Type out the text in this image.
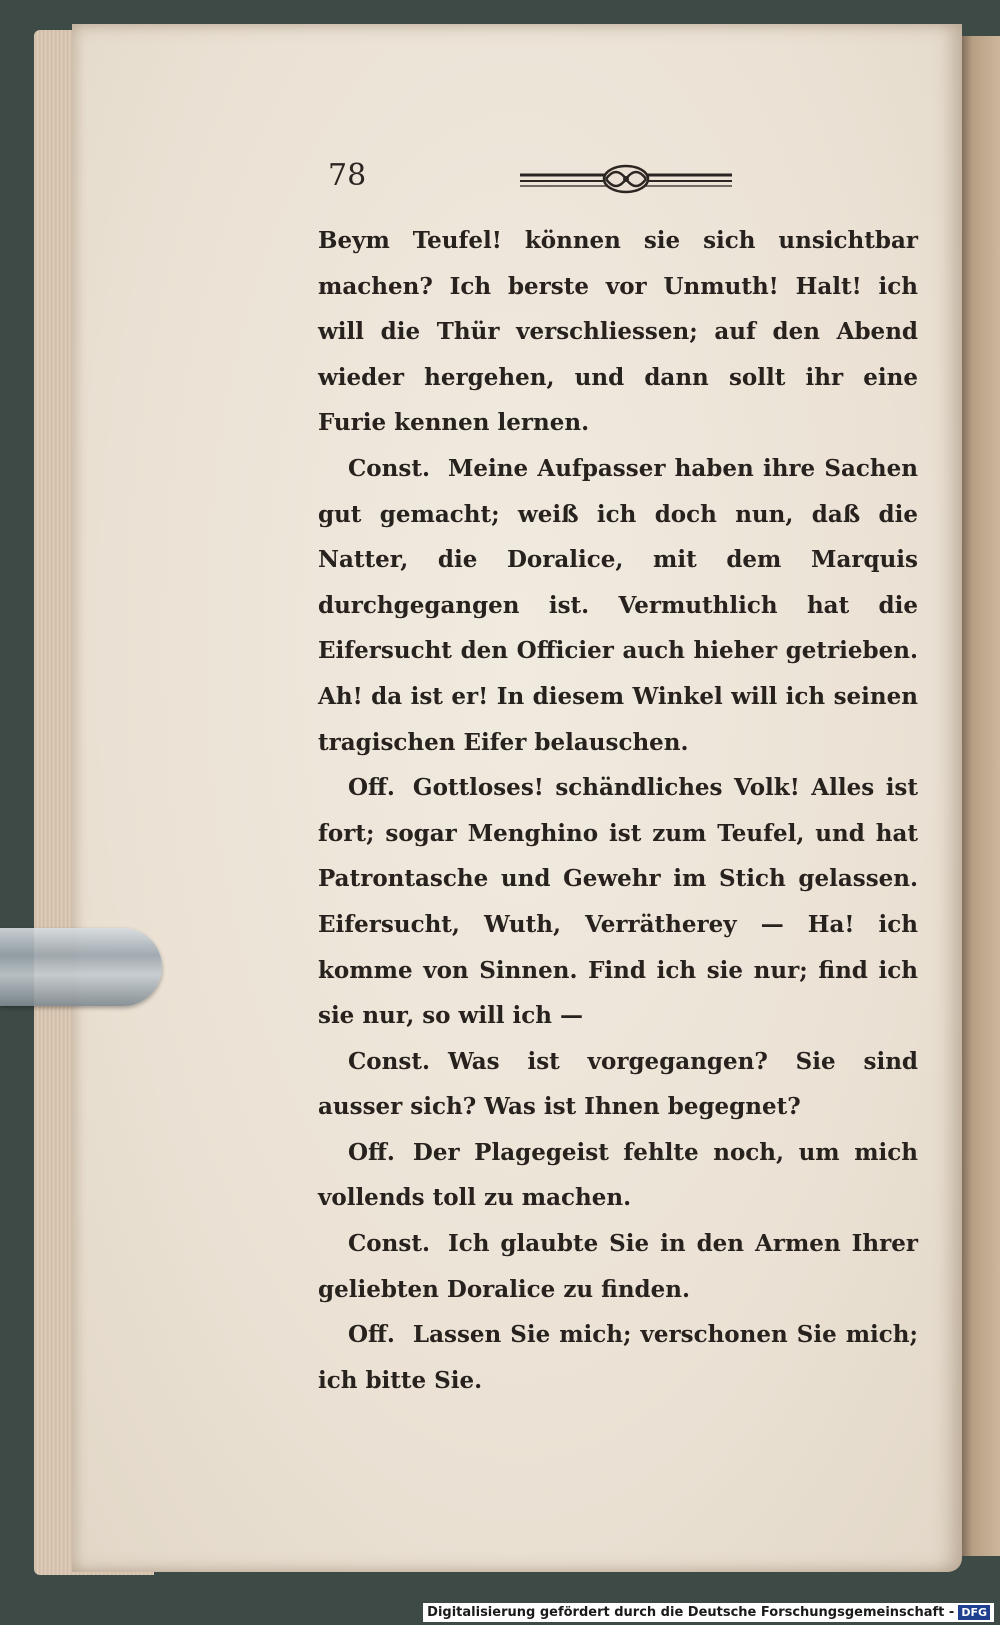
78

Beym Teufel! können sie sich unsichtbar machen? Ich berste vor Unmuth! Halt! ich will die Thür verschliessen; auf den Abend wieder hergehen, und dann sollt ihr eine Furie kennen lernen.

Const. Meine Aufpasser haben ihre Sachen gut gemacht; weiß ich doch nun, daß die Natter, die Doralice, mit dem Marquis durchgegangen ist. Vermuthlich hat die Eifersucht den Officier auch hieher getrieben. Ah! da ist er! In diesem Winkel will ich seinen tragischen Eifer belauschen.

Off. Gottloses! schändliches Volk! Alles ist fort; sogar Menghino ist zum Teufel, und hat Patrontasche und Gewehr im Stich gelassen. Eifersucht, Wuth, Verrätherey — Ha! ich komme von Sinnen. Find ich sie nur; find ich sie nur, so will ich —

Const. Was ist vorgegangen? Sie sind ausser sich? Was ist Ihnen begegnet?

Off. Der Plagegeist fehlte noch, um mich vollends toll zu machen.

Const. Ich glaubte Sie in den Armen Ihrer geliebten Doralice zu finden.

Off. Lassen Sie mich; verschonen Sie mich; ich bitte Sie.

Digitalisierung gefördert durch die Deutsche Forschungsgemeinschaft - DFG
